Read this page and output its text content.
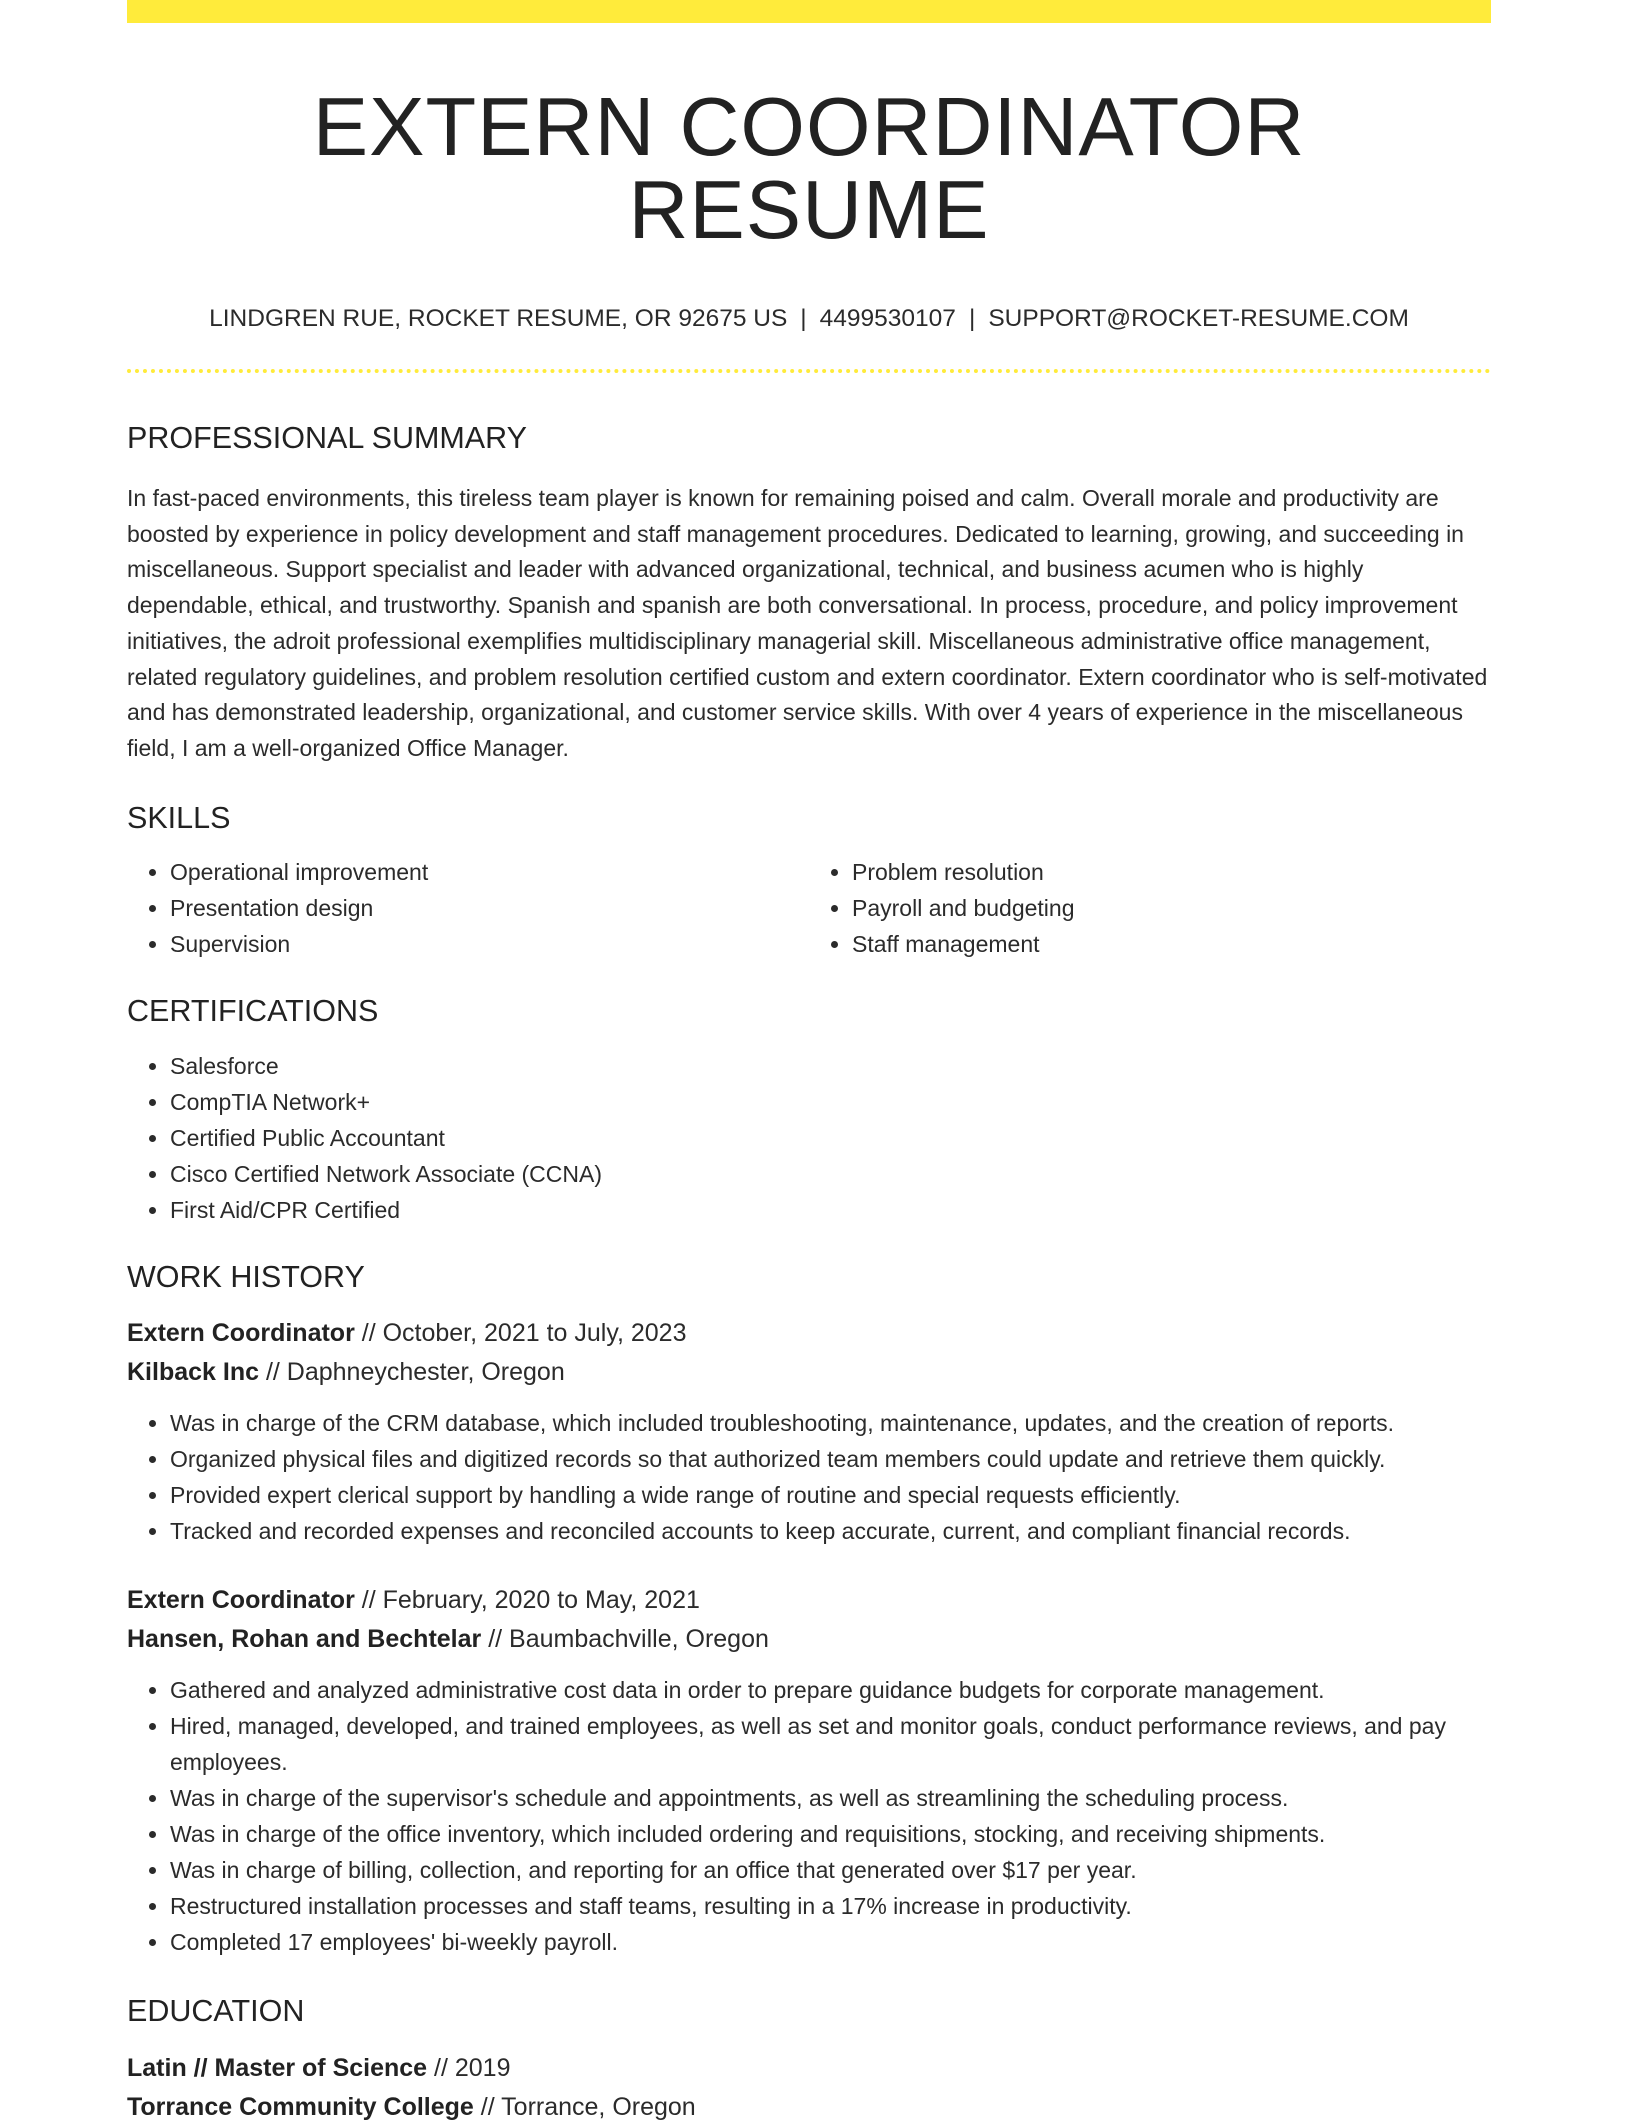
EXTERN COORDINATOR RESUME
LINDGREN RUE, ROCKET RESUME, OR 92675 US | 4499530107 | SUPPORT@ROCKET-RESUME.COM
PROFESSIONAL SUMMARY

In fast-paced environments, this tireless team player is known for remaining poised and calm. Overall morale and productivity are boosted by experience in policy development and staff management procedures. Dedicated to learning, growing, and succeeding in miscellaneous. Support specialist and leader with advanced organizational, technical, and business acumen who is highly dependable, ethical, and trustworthy. Spanish and spanish are both conversational. In process, procedure, and policy improvement initiatives, the adroit professional exemplifies multidisciplinary managerial skill. Miscellaneous administrative office management, related regulatory guidelines, and problem resolution certified custom and extern coordinator. Extern coordinator who is self-motivated and has demonstrated leadership, organizational, and customer service skills. With over 4 years of experience in the miscellaneous field, I am a well-organized Office Manager.

SKILLS
• Operational improvement
• Presentation design
• Supervision
• Problem resolution
• Payroll and budgeting
• Staff management
CERTIFICATIONS
• Salesforce
• CompTIA Network+
• Certified Public Accountant
• Cisco Certified Network Associate (CCNA)
• First Aid/CPR Certified
WORK HISTORY
Extern Coordinator // October, 2021 to July, 2023
Kilback Inc // Daphneychester, Oregon
• Was in charge of the CRM database, which included troubleshooting, maintenance, updates, and the creation of reports.
• Organized physical files and digitized records so that authorized team members could update and retrieve them quickly.
• Provided expert clerical support by handling a wide range of routine and special requests efficiently.
• Tracked and recorded expenses and reconciled accounts to keep accurate, current, and compliant financial records.
Extern Coordinator // February, 2020 to May, 2021
Hansen, Rohan and Bechtelar // Baumbachville, Oregon
• Gathered and analyzed administrative cost data in order to prepare guidance budgets for corporate management.
• Hired, managed, developed, and trained employees, as well as set and monitor goals, conduct performance reviews, and pay employees.
• Was in charge of the supervisor's schedule and appointments, as well as streamlining the scheduling process.
• Was in charge of the office inventory, which included ordering and requisitions, stocking, and receiving shipments.
• Was in charge of billing, collection, and reporting for an office that generated over $17 per year.
• Restructured installation processes and staff teams, resulting in a 17% increase in productivity.
• Completed 17 employees' bi-weekly payroll.
EDUCATION
Latin // Master of Science // 2019
Torrance Community College // Torrance, Oregon
